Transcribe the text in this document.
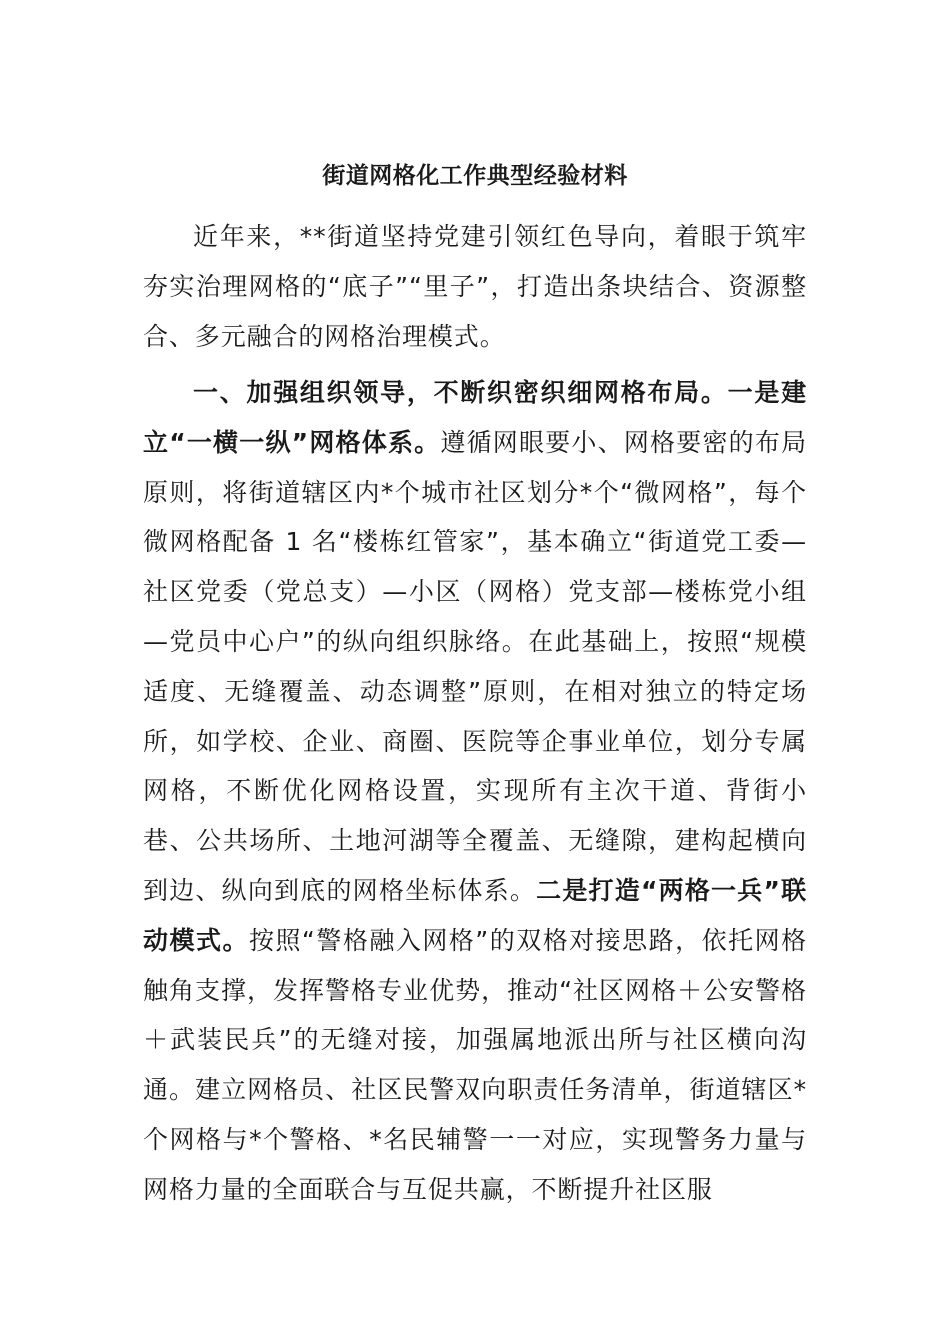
街道网格化工作典型经验材料

近年来，**街道坚持党建引领红色导向，着眼于筑牢夯实治理网格的“底子”“里子”，打造出条块结合、资源整合、多元融合的网格治理模式。

一、加强组织领导，不断织密织细网格布局。一是建立“一横一纵”网格体系。遵循网眼要小、网格要密的布局原则，将街道辖区内*个城市社区划分*个“微网格”，每个微网格配备 1 名“楼栋红管家”，基本确立“街道党工委—社区党委（党总支）—小区（网格）党支部—楼栋党小组—党员中心户”的纵向组织脉络。在此基础上，按照“规模适度、无缝覆盖、动态调整”原则，在相对独立的特定场所，如学校、企业、商圈、医院等企事业单位，划分专属网格，不断优化网格设置，实现所有主次干道、背街小巷、公共场所、土地河湖等全覆盖、无缝隙，建构起横向到边、纵向到底的网格坐标体系。二是打造“两格一兵”联动模式。按照“警格融入网格”的双格对接思路，依托网格触角支撑，发挥警格专业优势，推动“社区网格＋公安警格＋武装民兵”的无缝对接，加强属地派出所与社区横向沟通。建立网格员、社区民警双向职责任务清单，街道辖区*个网格与*个警格、*名民辅警一一对应，实现警务力量与网格力量的全面联合与互促共赢，不断提升社区服
